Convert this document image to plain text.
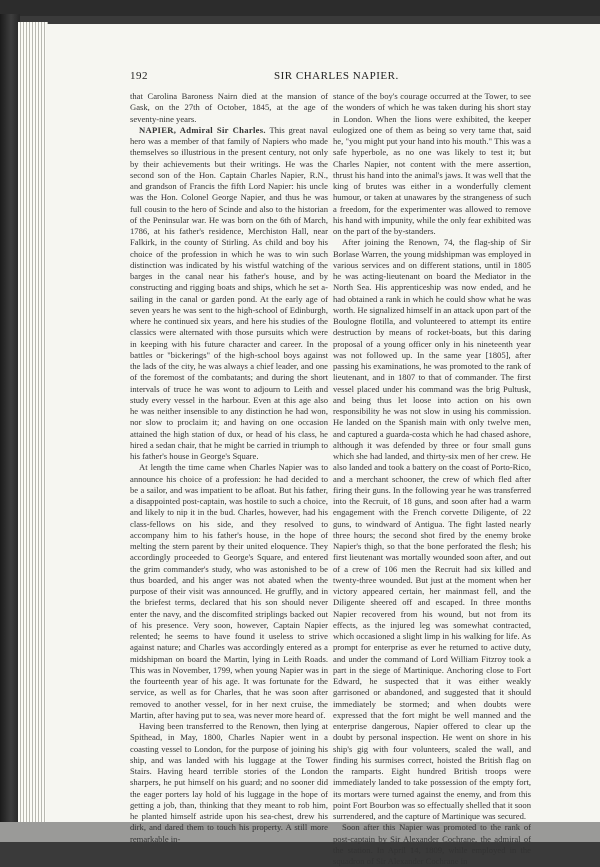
192	SIR CHARLES NAPIER.

that Carolina Baroness Nairn died at the mansion of Gask, on the 27th of October, 1845, at the age of seventy-nine years.

NAPIER, Admiral Sir Charles. This great naval hero was a member of that family of Napiers who made themselves so illustrious in the present century, not only by their achievements but their writings. He was the second son of the Hon. Captain Charles Napier, R.N., and grandson of Francis the fifth Lord Napier: his uncle was the Hon. Colonel George Napier, and thus he was full cousin to the hero of Scinde and also to the historian of the Peninsular war. He was born on the 6th of March, 1786, at his father's residence, Merchiston Hall, near Falkirk, in the county of Stirling. As child and boy his choice of the profession in which he was to win such distinction was indicated by his wistful watching of the barges in the canal near his father's house, and by constructing and rigging boats and ships, which he set a-sailing in the canal or garden pond. At the early age of seven years he was sent to the high-school of Edinburgh, where he continued six years, and here his studies of the classics were alternated with those pursuits which were in keeping with his future character and career. In the battles or "bickerings" of the high-school boys against the lads of the city, he was always a chief leader, and one of the foremost of the combatants; and during the short intervals of truce he was wont to adjourn to Leith and study every vessel in the harbour. Even at this age also he was neither insensible to any distinction he had won, nor slow to proclaim it; and having on one occasion attained the high station of dux, or head of his class, he hired a sedan chair, that he might be carried in triumph to his father's house in George's Square.

At length the time came when Charles Napier was to announce his choice of a profession: he had decided to be a sailor, and was impatient to be afloat. But his father, a disappointed post-captain, was hostile to such a choice, and likely to nip it in the bud. Charles, however, had his class-fellows on his side, and they resolved to accompany him to his father's house, in the hope of melting the stern parent by their united eloquence. They accordingly proceeded to George's Square, and entered the grim commander's study, who was astonished to be thus boarded, and his anger was not abated when the purpose of their visit was announced. He gruffly, and in the briefest terms, declared that his son should never enter the navy, and the discomfited striplings backed out of his presence. Very soon, however, Captain Napier relented; he seems to have found it useless to strive against nature; and Charles was accordingly entered as a midshipman on board the Martin, lying in Leith Roads. This was in November, 1799, when young Napier was in the fourteenth year of his age. It was fortunate for the service, as well as for Charles, that he was soon after removed to another vessel, for in her next cruise, the Martin, after having put to sea, was never more heard of.

Having been transferred to the Renown, then lying at Spithead, in May, 1800, Charles Napier went in a coasting vessel to London, for the purpose of joining his ship, and was landed with his luggage at the Tower Stairs. Having heard terrible stories of the London sharpers, he put himself on his guard; and no sooner did the eager porters lay hold of his luggage in the hope of getting a job, than, thinking that they meant to rob him, he planted himself astride upon his sea-chest, drew his dirk, and dared them to touch his property. A still more remarkable in-

stance of the boy's courage occurred at the Tower, to see the wonders of which he was taken during his short stay in London. When the lions were exhibited, the keeper eulogized one of them as being so very tame that, said he, "you might put your hand into his mouth." This was a safe hyperbole, as no one was likely to test it; but Charles Napier, not content with the mere assertion, thrust his hand into the animal's jaws. It was well that the king of brutes was either in a wonderfully clement humour, or taken at unawares by the strangeness of such a freedom, for the experimenter was allowed to remove his hand with impunity, while the only fear exhibited was on the part of the by-standers.

After joining the Renown, 74, the flag-ship of Sir Borlase Warren, the young midshipman was employed in various services and on different stations, until in 1805 he was acting-lieutenant on board the Mediator in the North Sea. His apprenticeship was now ended, and he had obtained a rank in which he could show what he was worth. He signalized himself in an attack upon part of the Boulogne flotilla, and volunteered to attempt its entire destruction by means of rocket-boats, but this daring proposal of a young officer only in his nineteenth year was not followed up. In the same year [1805], after passing his examinations, he was promoted to the rank of lieutenant, and in 1807 to that of commander. The first vessel placed under his command was the brig Pultusk, and being thus let loose into action on his own responsibility he was not slow in using his commission. He landed on the Spanish main with only twelve men, and captured a guarda-costa which he had chased ashore, although it was defended by three or four small guns which she had landed, and thirty-six men of her crew. He also landed and took a battery on the coast of Porto-Rico, and a merchant schooner, the crew of which fled after firing their guns. In the following year he was transferred into the Recruit, of 18 guns, and soon after had a warm engagement with the French corvette Diligente, of 22 guns, to windward of Antigua. The fight lasted nearly three hours; the second shot fired by the enemy broke Napier's thigh, so that the bone perforated the flesh; his first lieutenant was mortally wounded soon after, and out of a crew of 106 men the Recruit had six killed and twenty-three wounded. But just at the moment when her victory appeared certain, her mainmast fell, and the Diligente sheered off and escaped. In three months Napier recovered from his wound, but not from its effects, as the injured leg was somewhat contracted, which occasioned a slight limp in his walking for life. As prompt for enterprise as ever he returned to active duty, and under the command of Lord William Fitzroy took a part in the siege of Martinique. Anchoring close to Fort Edward, he suspected that it was either weakly garrisoned or abandoned, and suggested that it should immediately be stormed; and when doubts were expressed that the fort might be well manned and the enterprise dangerous, Napier offered to clear up the doubt by personal inspection. He went on shore in his ship's gig with four volunteers, scaled the wall, and finding his surmises correct, hoisted the British flag on the ramparts. Eight hundred British troops were immediately landed to take possession of the empty fort, its mortars were turned against the enemy, and from this point Fort Bourbon was so effectually shelled that it soon surrendered, and the capture of Martinique was secured.

Soon after this Napier was promoted to the rank of post-captain by Sir Alexander Cochrane, the admiral of the station. In April 14, 1809, while employed in the squadron of Sir Alexander Cochrane in
